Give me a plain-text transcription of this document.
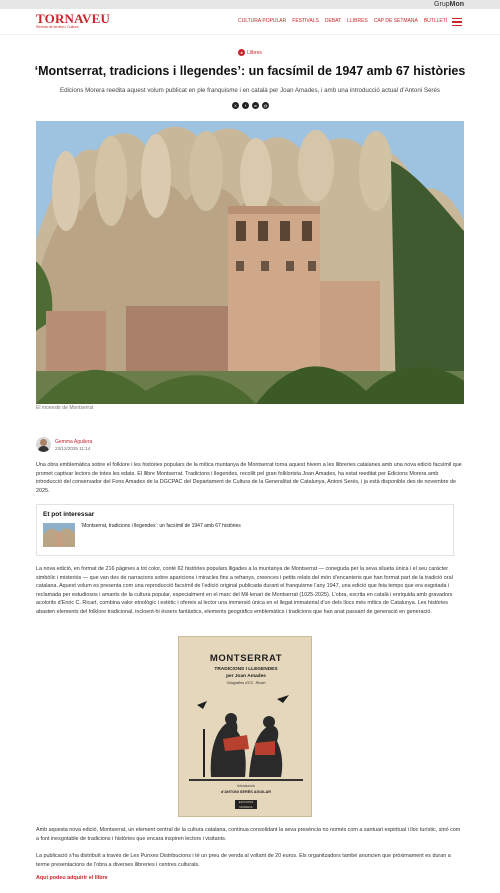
GrupMon
TORNAVEU
Revista de territori i Cultura
CULTURA POPULAR FESTIVALS DEBAT LLIBRES CAP DE SETMANA BUTLLETÍ
● Llibres
‘Montserrat, tradicions i llegendes’: un facsímil de 1947 amb 67 històries

Edicions Morera reedita aquest volum publicat en ple franquisme i en català per Joan Amades, i amb una introducció actual d’Antoni Serés

X	f	w	@
El monestir de Montserrat
Gemma Aguilera
23/12/2025 11:14

Una obra emblemàtica sobre el folklore i les històries populars de la mítica muntanya de Montserrat torna aquest hivern a les llibreries catalanes amb una nova edició facsímil que promet captivar lectors de totes les edats. El llibre Montserrat. Tradicions i llegendes, recollit pel gran folklorista Joan Amades, ha estat reeditat per Edicions Morera amb introducció del conservador del Fons Amades de la DGCPAC del Departament de Cultura de la Generalitat de Catalunya, Antoni Serés, i ja està disponible des de novembre de 2025.

Et pot interessar
‘Montserrat, tradicions i llegendes’: un facsímil de 1947 amb 67 històries

La nova edició, en format de 216 pàgines a tot color, conté 62 històries populars lligades a la muntanya de Montserrat — coneguda per la seva silueta única i el seu caràcter simbòlic i misteriós — que van des de narracions sobre aparicions i miracles fins a refranys, creences i petits relats del món d’encanteris que han format part de la tradició oral catalana. Aquest volum es presenta com una reproducció facsímil de l’edició original publicada durant el franquisme l’any 1947, una edició que feia temps que era esgotada i reclamada per estudiosos i amants de la cultura popular, especialment en el marc del Mil·lenari de Montserrat (1025-2025). L’obra, escrita en català i enriquida amb gravadors acolorits d’Enric C. Ricart, combina valor etnològic i estètic i ofereix al lector una immersió única en el llegat immaterial d’un dels llocs més mítics de Catalunya. Les històries abasten elements del folklore tradicional, incloent-hi éssers fantàstics, elements geogràfics emblemàtics i tradicions que han anat passant de generació en generació.

MONTSERRAT
TRADICIONS I LLEGENDES
per Joan Amades
Xilografies d’EC. Ricart
Introducció
d’ANTONI SERÉS AGUILAR
EDICIONS MORERA

Amb aquesta nova edició, Montserrat, un element central de la cultura catalana, continua consolidant la seva presència no només com a santuari espiritual i lloc turístic, sinó com a font inesgotable de tradicions i històries que encara inspiren lectors i visitants.

La publicació s’ha distribuït a través de Les Punxes Distribucions i té un preu de venda al voltant de 20 euros. Els organitzadors també anuncien que pròximament es duran a terme presentacions de l’obra a diverses llibreries i centres culturals.

Aquí podeu adquirir el llibre
